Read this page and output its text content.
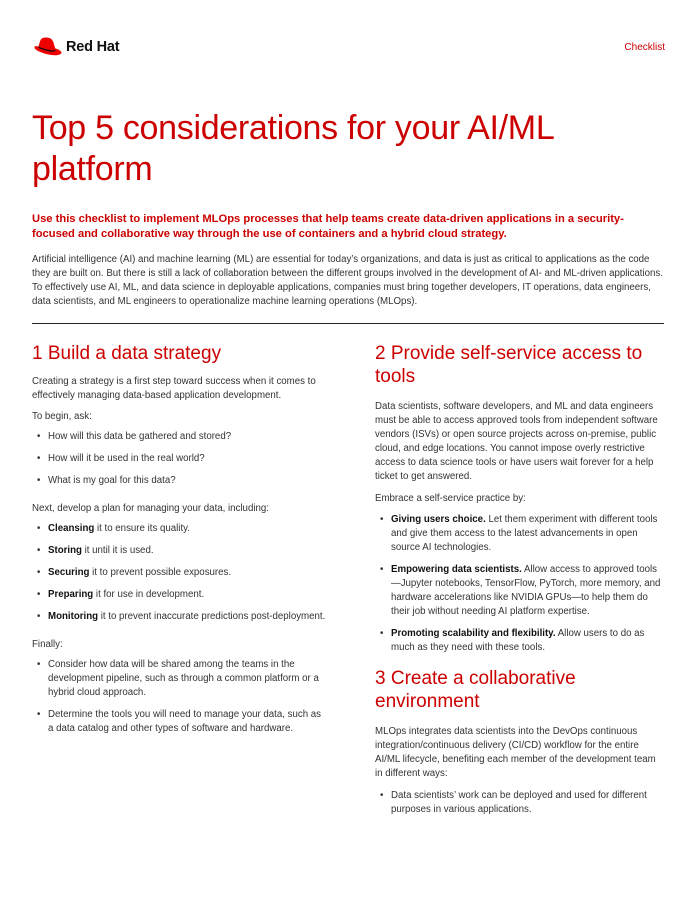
Red Hat	Checklist
Top 5 considerations for your AI/ML platform

Use this checklist to implement MLOps processes that help teams create data-driven applications in a security-focused and collaborative way through the use of containers and a hybrid cloud strategy.

Artificial intelligence (AI) and machine learning (ML) are essential for today’s organizations, and data is just as critical to applications as the code they are built on. But there is still a lack of collaboration between the different groups involved in the development of AI- and ML-driven applications. To effectively use AI, ML, and data science in deployable applications, companies must bring together developers, IT operations, data engineers, data scientists, and ML engineers to operationalize machine learning operations (MLOps).

1 Build a data strategy

Creating a strategy is a first step toward success when it comes to effectively managing data-based application development.

To begin, ask:

• How will this data be gathered and stored?
• How will it be used in the real world?
• What is my goal for this data?

Next, develop a plan for managing your data, including:

• Cleansing it to ensure its quality.
• Storing it until it is used.
• Securing it to prevent possible exposures.
• Preparing it for use in development.
• Monitoring it to prevent inaccurate predictions post-deployment.

Finally:

• Consider how data will be shared among the teams in the development pipeline, such as through a common platform or a hybrid cloud approach.
• Determine the tools you will need to manage your data, such as a data catalog and other types of software and hardware.
2 Provide self-service access to tools

Data scientists, software developers, and ML and data engineers must be able to access approved tools from independent software vendors (ISVs) or open source projects across on-premise, public cloud, and edge locations. You cannot impose overly restrictive access to data science tools or have users wait forever for a help ticket to get answered.

Embrace a self-service practice by:

• Giving users choice. Let them experiment with different tools and give them access to the latest advancements in open source AI technologies.
• Empowering data scientists. Allow access to approved tools—Jupyter notebooks, TensorFlow, PyTorch, more memory, and hardware accelerations like NVIDIA GPUs—to help them do their job without needing AI platform expertise.
• Promoting scalability and flexibility. Allow users to do as much as they need with these tools.
3 Create a collaborative environment

MLOps integrates data scientists into the DevOps continuous integration/continuous delivery (CI/CD) workflow for the entire AI/ML lifecycle, benefiting each member of the development team in different ways:

• Data scientists’ work can be deployed and used for different purposes in various applications.
